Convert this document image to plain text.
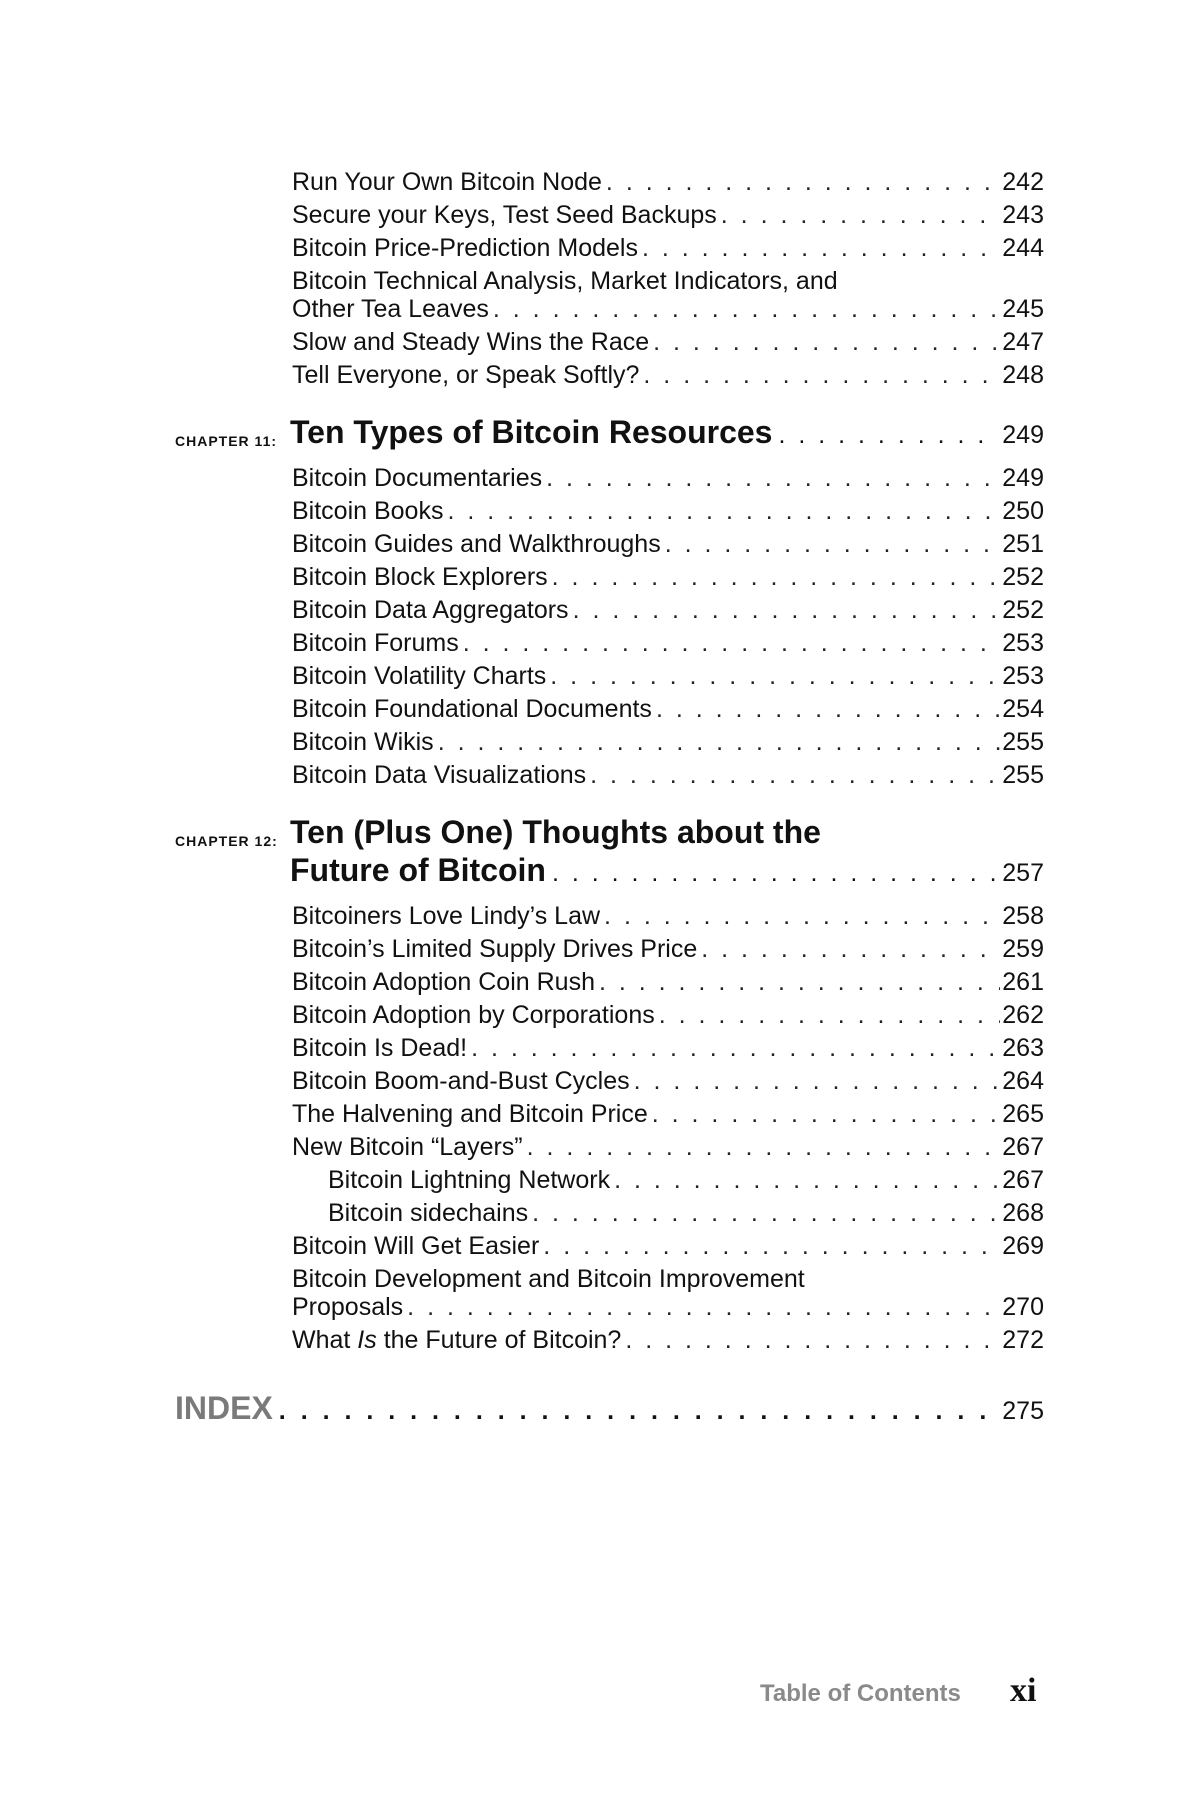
Run Your Own Bitcoin Node . . .	242
Secure your Keys, Test Seed Backups . . .	243
Bitcoin Price-Prediction Models . . .	244
Bitcoin Technical Analysis, Market Indicators, and
Other Tea Leaves . . .	245
Slow and Steady Wins the Race . . .	247
Tell Everyone, or Speak Softly? . . .	248
CHAPTER 11: Ten Types of Bitcoin Resources . . .	249
Bitcoin Documentaries . . .	249
Bitcoin Books . . .	250
Bitcoin Guides and Walkthroughs . . .	251
Bitcoin Block Explorers . . .	252
Bitcoin Data Aggregators . . .	252
Bitcoin Forums . . .	253
Bitcoin Volatility Charts . . .	253
Bitcoin Foundational Documents . . .	254
Bitcoin Wikis . . .	255
Bitcoin Data Visualizations . . .	255
CHAPTER 12: Ten (Plus One) Thoughts about the
Future of Bitcoin . . .	257
Bitcoiners Love Lindy’s Law . . .	258
Bitcoin’s Limited Supply Drives Price . . .	259
Bitcoin Adoption Coin Rush . . .	261
Bitcoin Adoption by Corporations . . .	262
Bitcoin Is Dead! . . .	263
Bitcoin Boom-and-Bust Cycles . . .	264
The Halvening and Bitcoin Price . . .	265
New Bitcoin “Layers” . . .	267
Bitcoin Lightning Network . . .	267
Bitcoin sidechains . . .	268
Bitcoin Will Get Easier . . .	269
Bitcoin Development and Bitcoin Improvement
Proposals . . .	270
What Is the Future of Bitcoin? . . .	272
INDEX . . .	275
Table of Contents xi
